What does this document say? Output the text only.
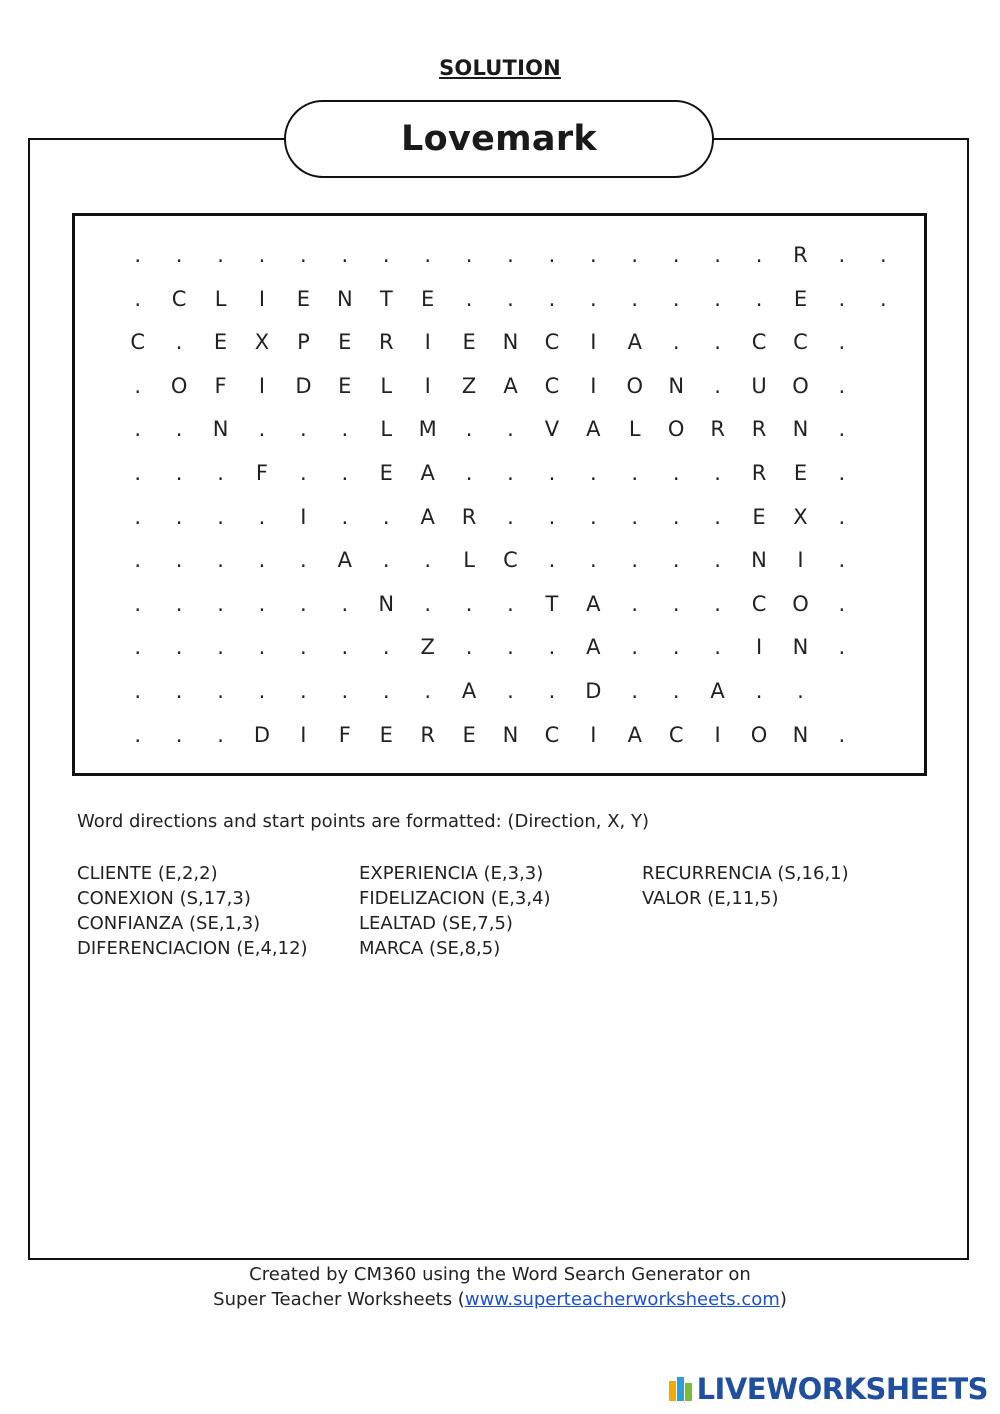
SOLUTION
Lovemark
.	.	.	.	.	.	.	.	.	.	.	.	.	.	.	.	R	.	.
.	C	L	I	E	N	T	E	.	.	.	.	.	.	.	.	E	.	.
C	.	E	X	P	E	R	I	E	N	C	I	A	.	.	C	C	.
.	O	F	I	D	E	L	I	Z	A	C	I	O	N	.	U	O	.
.	.	N	.	.	.	L	M	.	.	V	A	L	O	R	R	N	.
.	.	.	F	.	.	E	A	.	.	.	.	.	.	.	R	E	.
.	.	.	.	I	.	.	A	R	.	.	.	.	.	.	E	X	.
.	.	.	.	.	A	.	.	L	C	.	.	.	.	.	N	I	.
.	.	.	.	.	.	N	.	.	.	T	A	.	.	.	C	O	.
.	.	.	.	.	.	.	Z	.	.	.	A	.	.	.	I	N	.
.	.	.	.	.	.	.	.	A	.	.	D	.	.	A	.	.
.	.	.	D	I	F	E	R	E	N	C	I	A	C	I	O	N	.
Word directions and start points are formatted: (Direction, X, Y)
CLIENTE (E,2,2)
CONEXION (S,17,3)
CONFIANZA (SE,1,3)
DIFERENCIACION (E,4,12)
EXPERIENCIA (E,3,3)
FIDELIZACION (E,3,4)
LEALTAD (SE,7,5)
MARCA (SE,8,5)
RECURRENCIA (S,16,1)
VALOR (E,11,5)
Created by CM360 using the Word Search Generator on
Super Teacher Worksheets (www.superteacherworksheets.com)
LIVEWORKSHEETS
